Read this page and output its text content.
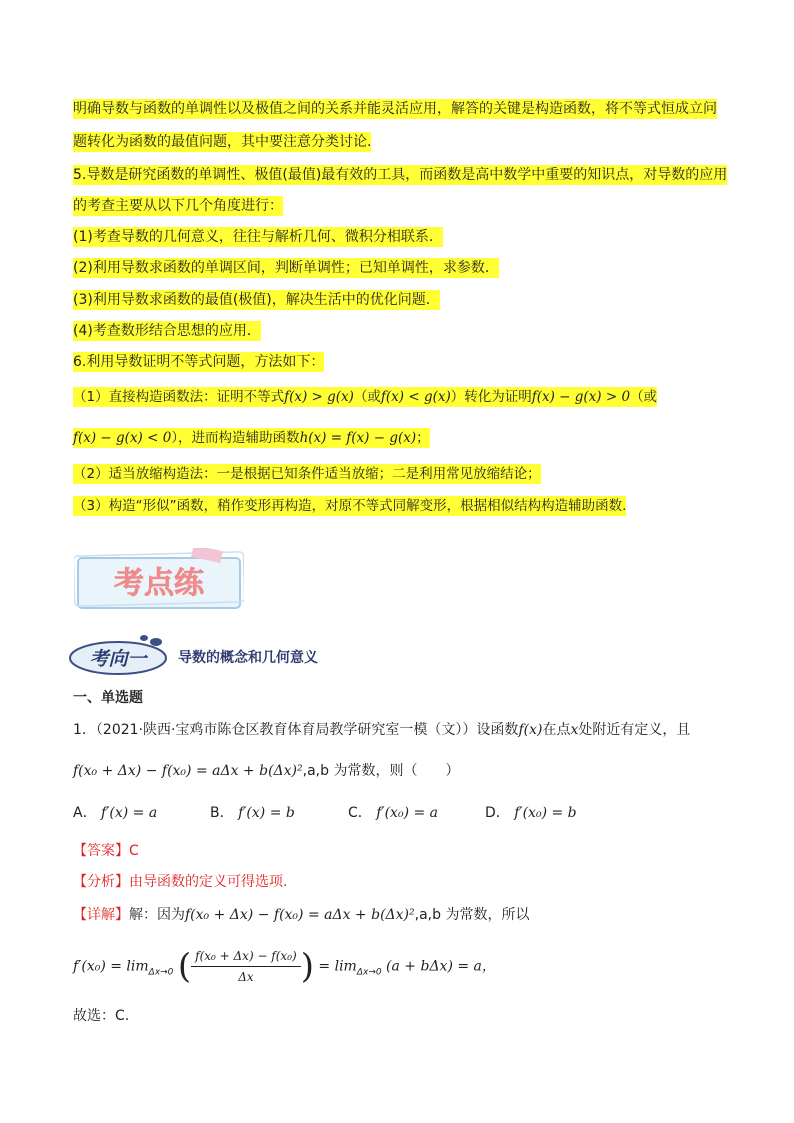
明确导数与函数的单调性以及极值之间的关系并能灵活应用，解答的关键是构造函数，将不等式恒成立问
题转化为函数的最值问题，其中要注意分类讨论.
5.导数是研究函数的单调性、极值(最值)最有效的工具，而函数是高中数学中重要的知识点，对导数的应用
的考查主要从以下几个角度进行：
(1)考查导数的几何意义，往往与解析几何、微积分相联系．
(2)利用导数求函数的单调区间，判断单调性；已知单调性，求参数．
(3)利用导数求函数的最值(极值)，解决生活中的优化问题．
(4)考查数形结合思想的应用．
6.利用导数证明不等式问题，方法如下：
（1）直接构造函数法：证明不等式f(x) > g(x)（或f(x) < g(x)）转化为证明f(x) − g(x) > 0（或
f(x) − g(x) < 0），进而构造辅助函数h(x) = f(x) − g(x)；
（2）适当放缩构造法：一是根据已知条件适当放缩；二是利用常见放缩结论；
（3）构造“形似”函数，稍作变形再构造，对原不等式同解变形，根据相似结构构造辅助函数.
考点练
考向一 导数的概念和几何意义
一、单选题
1．（2021·陕西·宝鸡市陈仓区教育体育局教学研究室一模（文））设函数f(x)在点x处附近有定义，且
f(x₀ + Δx) − f(x₀) = aΔx + b(Δx)²,a,b 为常数，则（　　）
A． f′(x) = a	B． f′(x) = b	C． f′(x₀) = a	D． f′(x₀) = b
【答案】C
【分析】由导函数的定义可得选项.
【详解】解：因为f(x₀ + Δx) − f(x₀) = aΔx + b(Δx)²,a,b 为常数，所以
$f'(x_0) = \lim_{\Delta x\to 0}$ ( $\frac{\text{f(x₀ + Δx) − f(x₀)}}{\Delta x}$ ) = $\lim_{\Delta x\to 0} (a + b\Delta x) = a$，
故选：C.
